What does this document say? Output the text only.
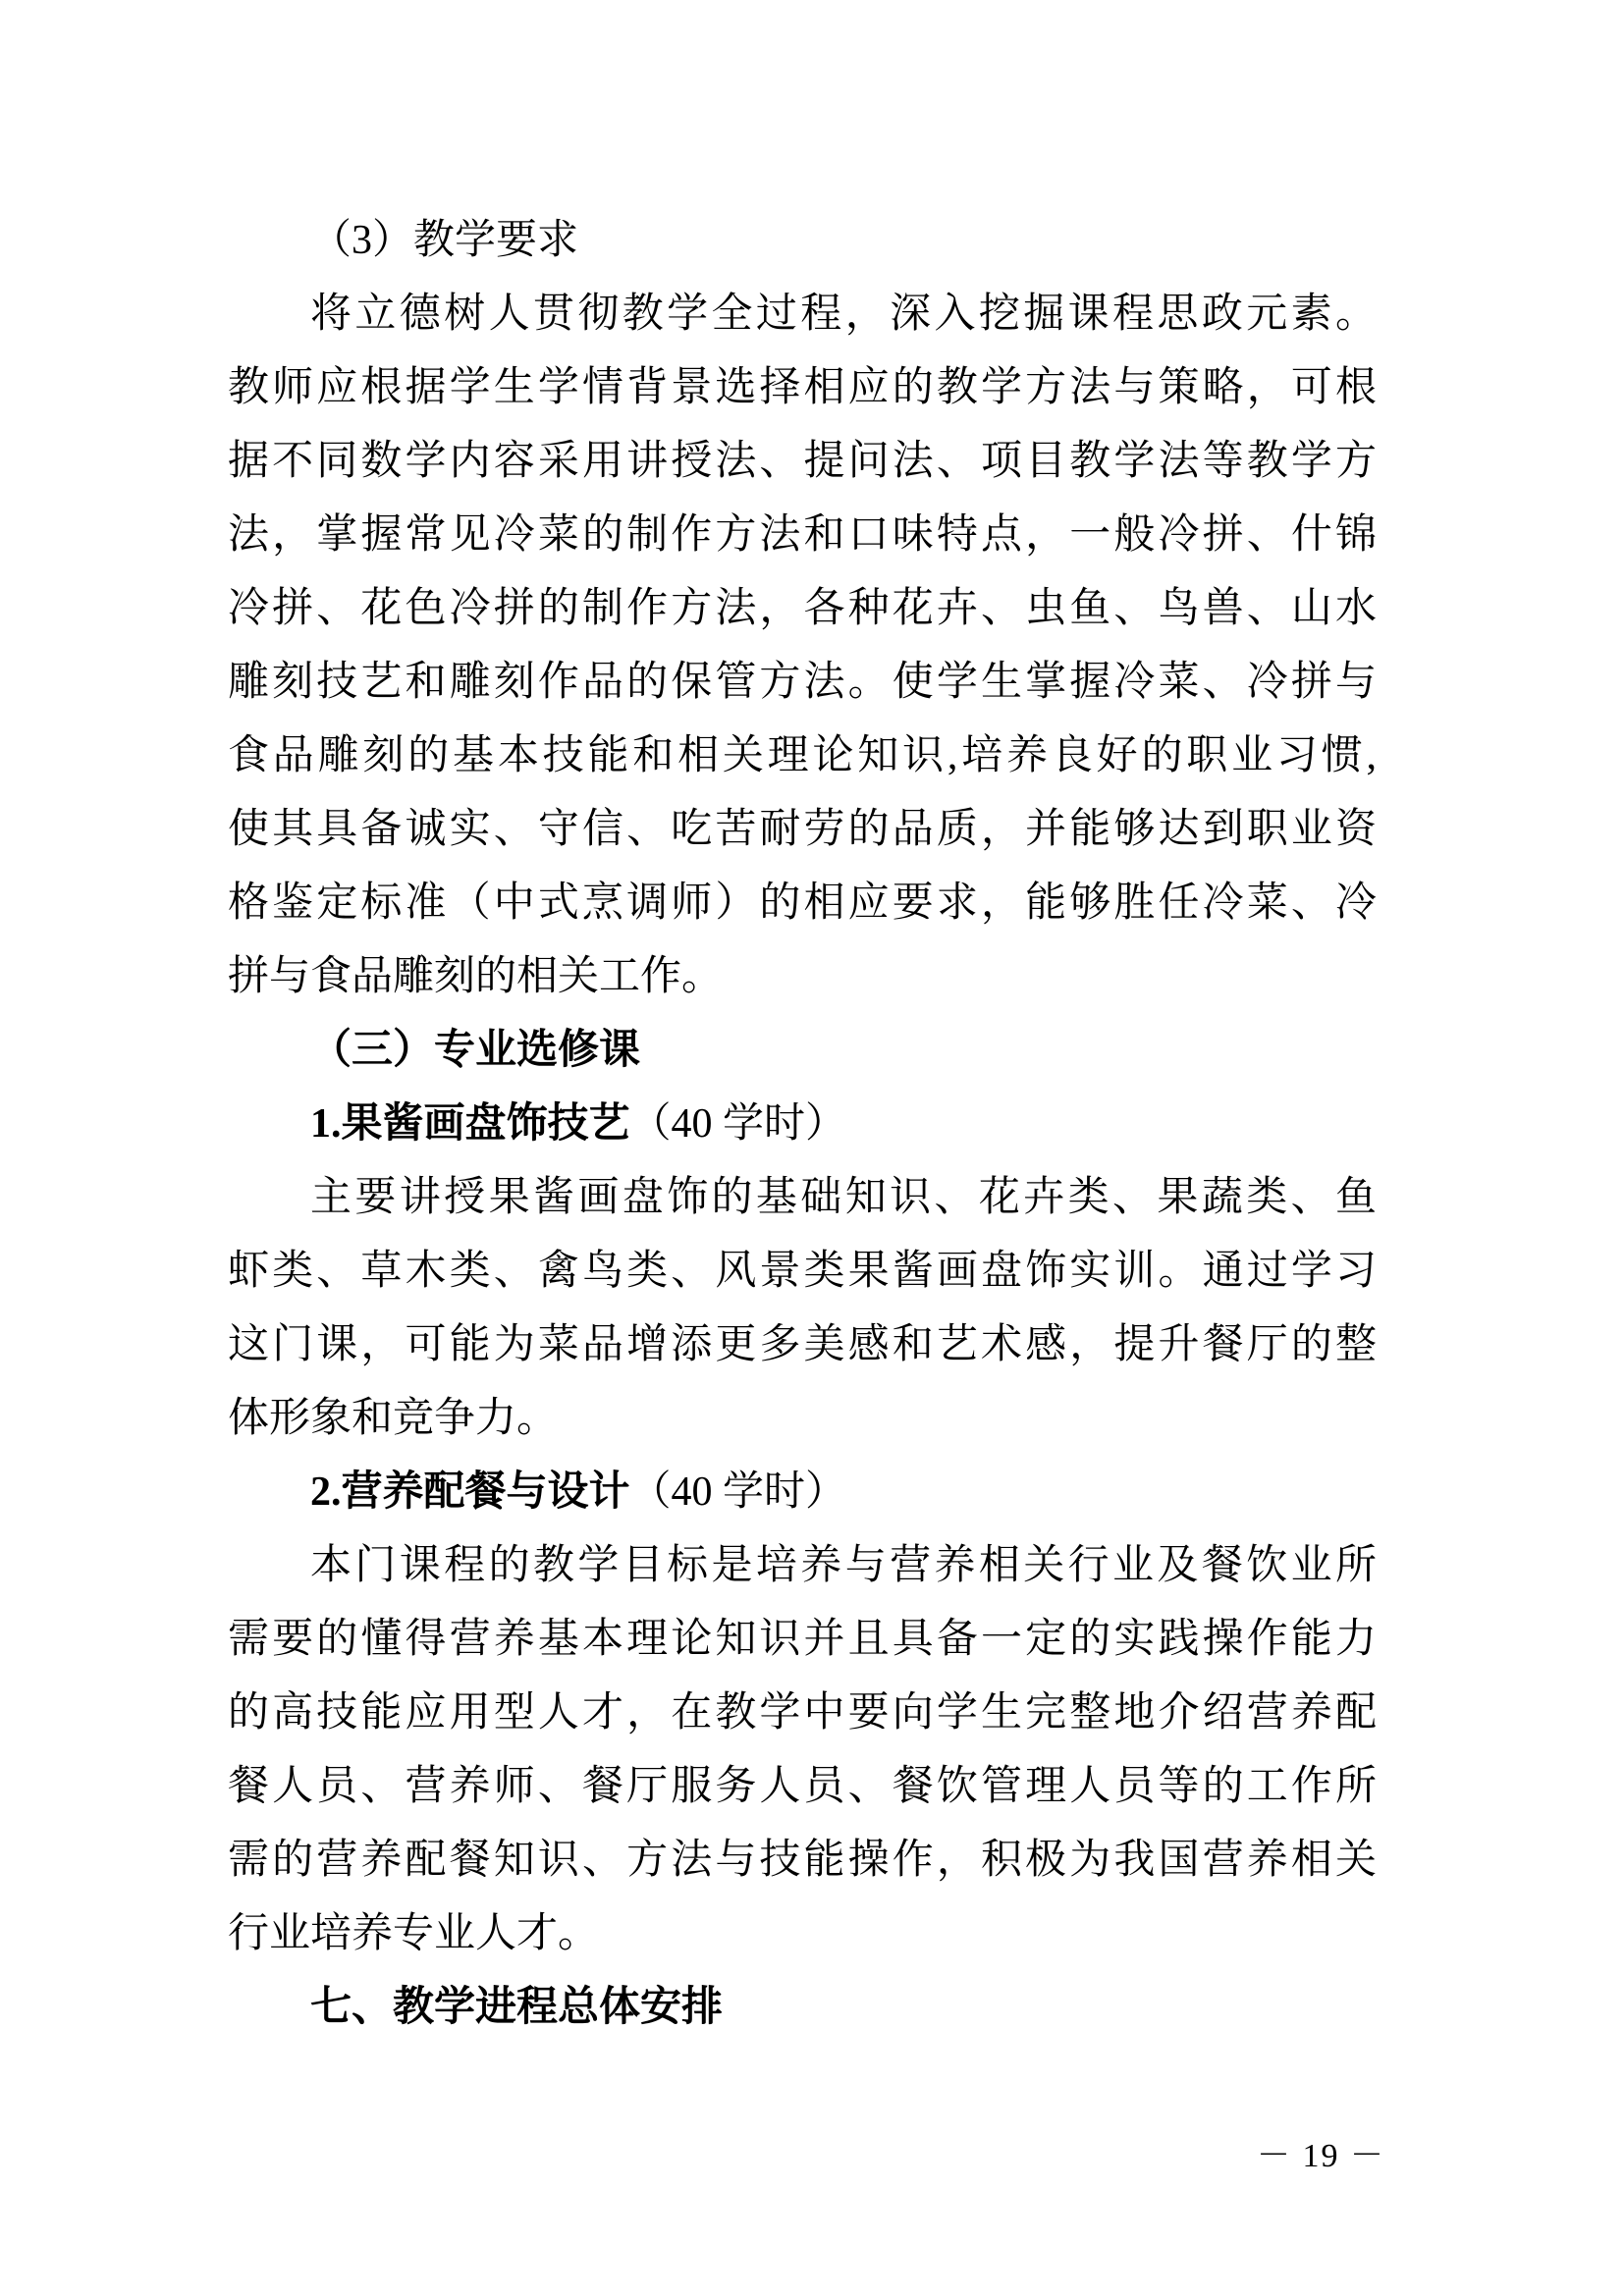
（3）教学要求
将立德树人贯彻教学全过程，深入挖掘课程思政元素。
教师应根据学生学情背景选择相应的教学方法与策略，可根
据不同数学内容采用讲授法、提问法、项目教学法等教学方
法，掌握常见冷菜的制作方法和口味特点，一般冷拼、什锦
冷拼、花色冷拼的制作方法，各种花卉、虫鱼、鸟兽、山水
雕刻技艺和雕刻作品的保管方法。使学生掌握冷菜、冷拼与
食品雕刻的基本技能和相关理论知识,培养良好的职业习惯,
使其具备诚实、守信、吃苦耐劳的品质，并能够达到职业资
格鉴定标准（中式烹调师）的相应要求，能够胜任冷菜、冷
拼与食品雕刻的相关工作。
（三）专业选修课
1.果酱画盘饰技艺（40 学时）
主要讲授果酱画盘饰的基础知识、花卉类、果蔬类、鱼
虾类、草木类、禽鸟类、风景类果酱画盘饰实训。通过学习
这门课，可能为菜品增添更多美感和艺术感，提升餐厅的整
体形象和竞争力。
2.营养配餐与设计（40 学时）
本门课程的教学目标是培养与营养相关行业及餐饮业所
需要的懂得营养基本理论知识并且具备一定的实践操作能力
的高技能应用型人才，在教学中要向学生完整地介绍营养配
餐人员、营养师、餐厅服务人员、餐饮管理人员等的工作所
需的营养配餐知识、方法与技能操作，积极为我国营养相关
行业培养专业人才。
七、教学进程总体安排
－ 19 －
